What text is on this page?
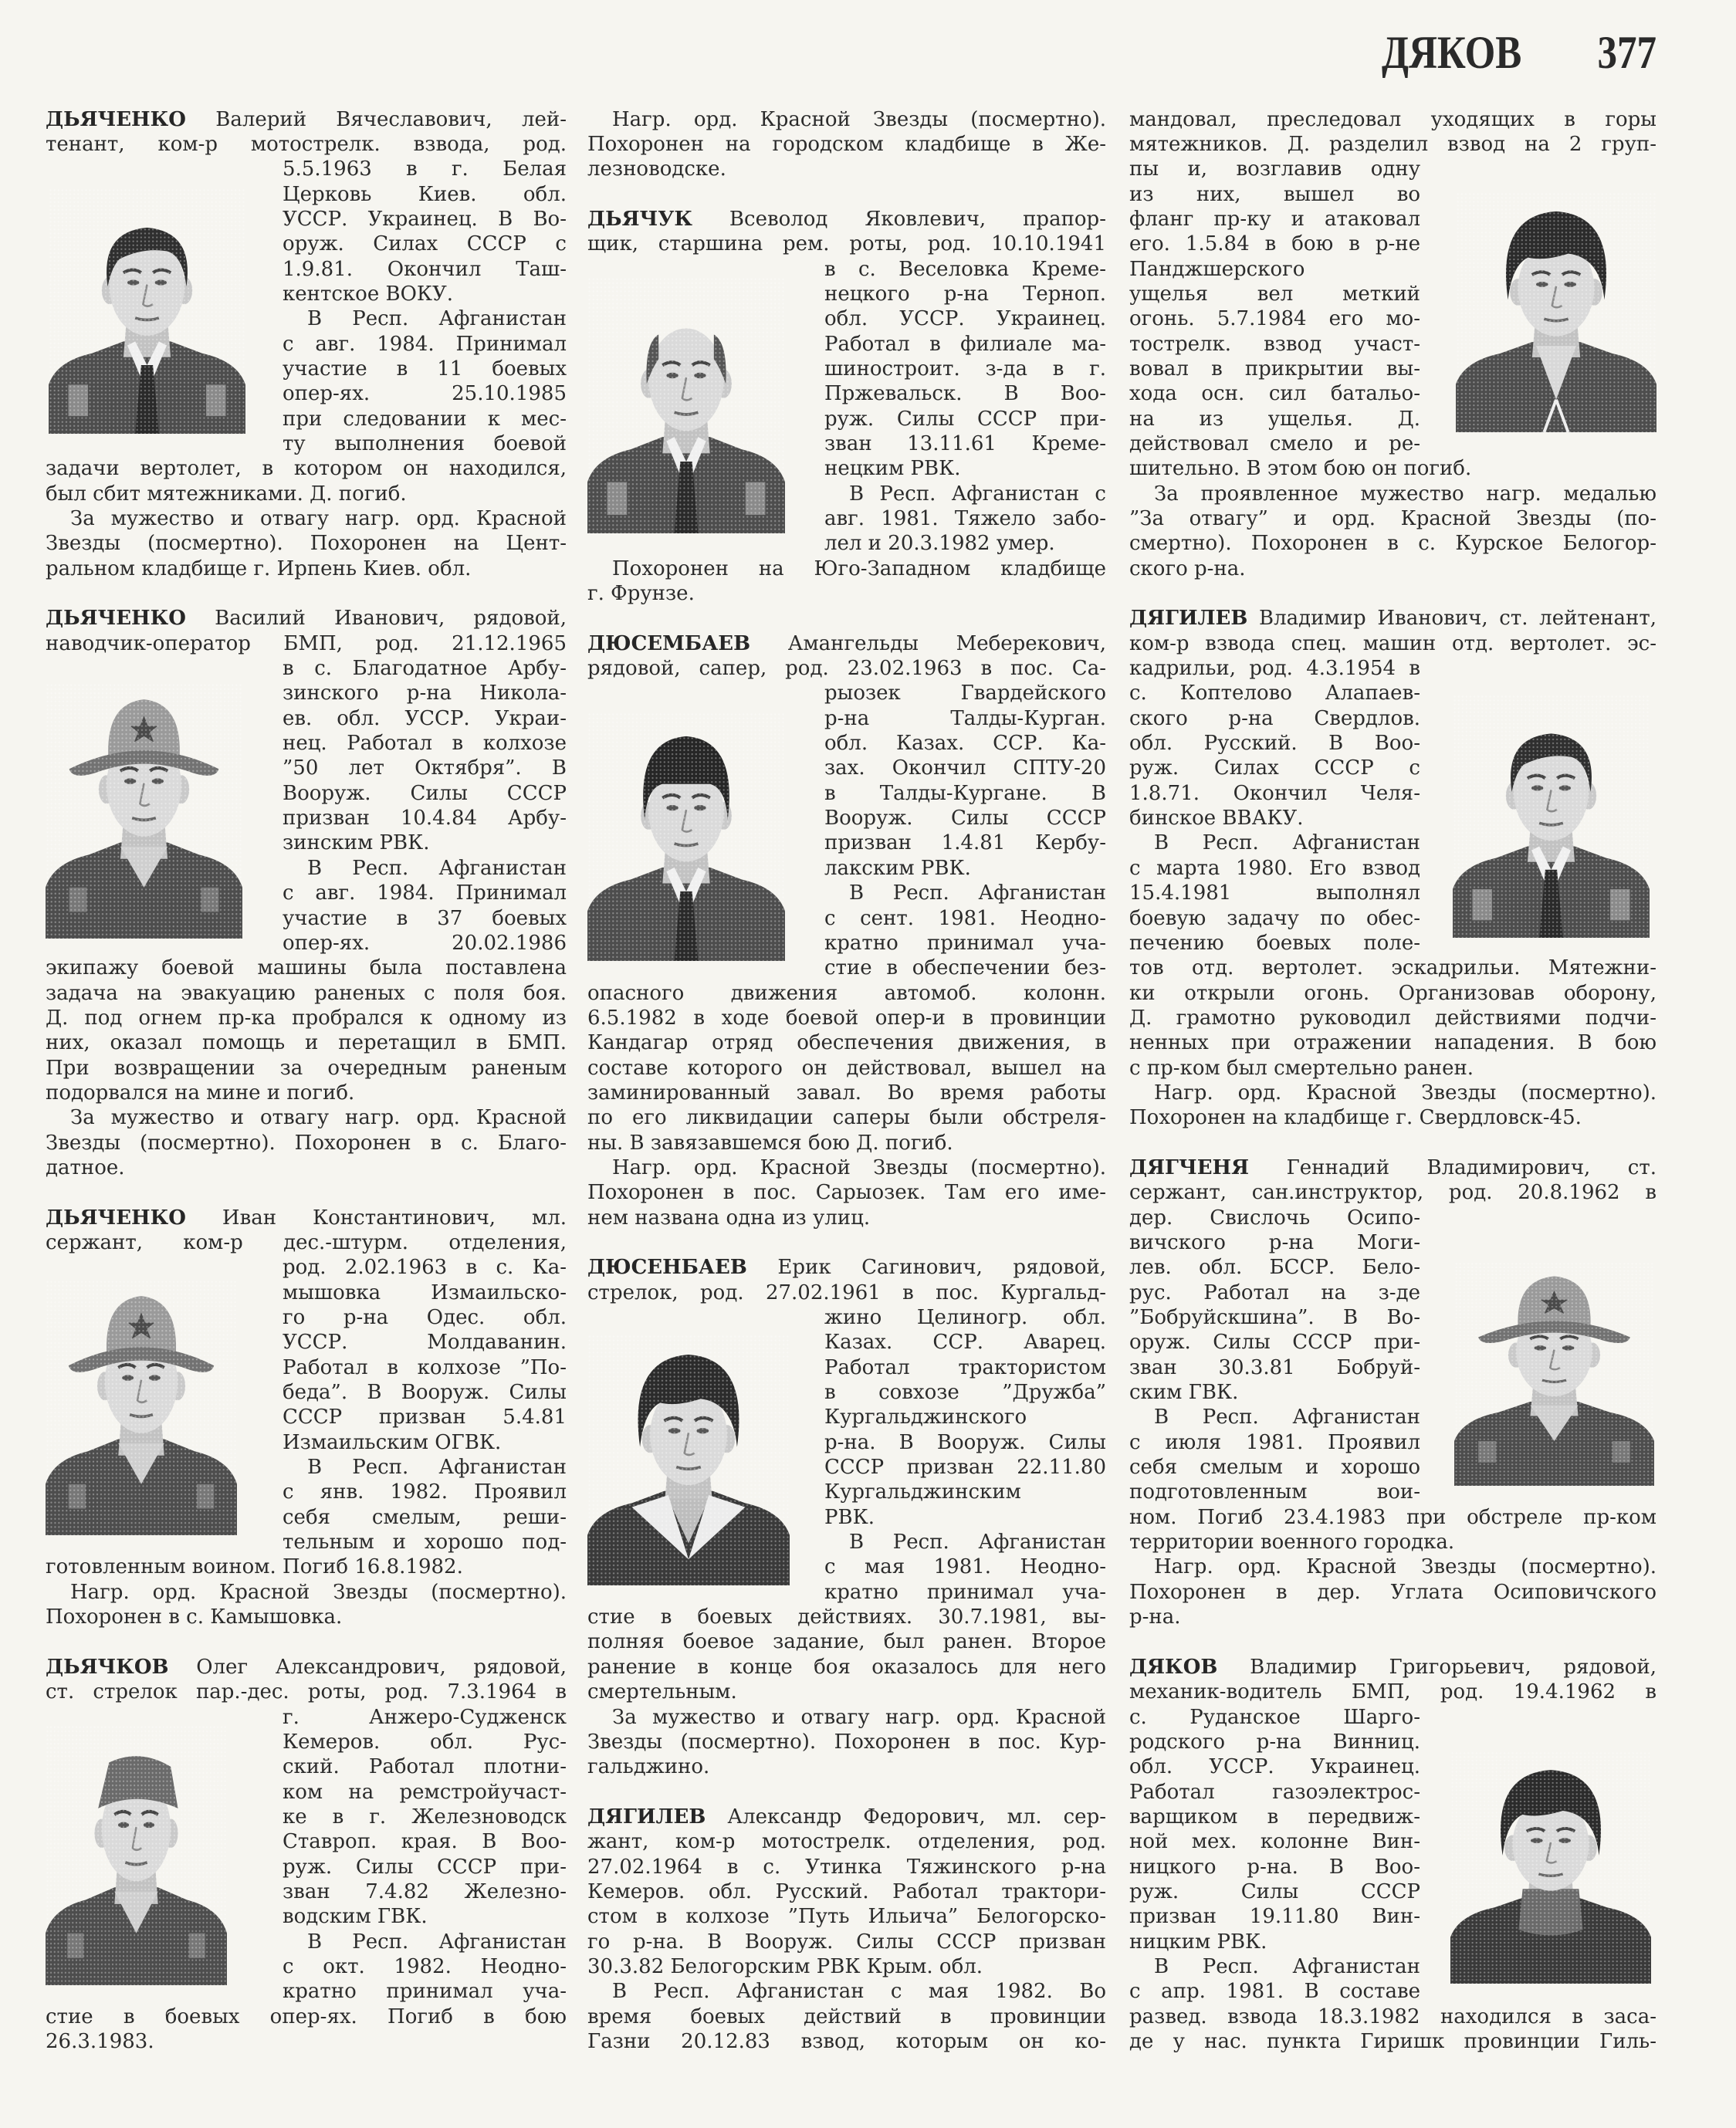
ДЯКОВ 377
ДЬЯЧЕНКО Валерий Вячеславович, лей-
тенант, ком-р мотострелк. взвода, род.
5.5.1963 в г. Белая
Церковь Киев. обл.
УССР. Украинец. В Во-
оруж. Силах СССР с
1.9.81. Окончил Таш-
кентское ВОКУ.
В Респ. Афганистан
с авг. 1984. Принимал
участие в 11 боевых
опер-ях. 25.10.1985
при следовании к мес-
ту выполнения боевой
задачи вертолет, в котором он находился,
был сбит мятежниками. Д. погиб.
За мужество и отвагу нагр. орд. Красной
Звезды (посмертно). Похоронен на Цент-
ральном кладбище г. Ирпень Киев. обл.
ДЬЯЧЕНКО Василий Иванович, рядовой,
наводчик-оператор БМП, род. 21.12.1965
в с. Благодатное Арбу-
зинского р-на Никола-
ев. обл. УССР. Украи-
нец. Работал в колхозе
”50 лет Октября”. В
Вооруж. Силы СССР
призван 10.4.84 Арбу-
зинским РВК.
В Респ. Афганистан
с авг. 1984. Принимал
участие в 37 боевых
опер-ях. 20.02.1986
экипажу боевой машины была поставлена
задача на эвакуацию раненых с поля боя.
Д. под огнем пр-ка пробрался к одному из
них, оказал помощь и перетащил в БМП.
При возвращении за очередным раненым
подорвался на мине и погиб.
За мужество и отвагу нагр. орд. Красной
Звезды (посмертно). Похоронен в с. Благо-
датное.
ДЬЯЧЕНКО Иван Константинович, мл.
сержант, ком-р дес.-штурм. отделения,
род. 2.02.1963 в с. Ка-
мышовка Измаильско-
го р-на Одес. обл.
УССР. Молдаванин.
Работал в колхозе ”По-
беда”. В Вооруж. Силы
СССР призван 5.4.81
Измаильским ОГВК.
В Респ. Афганистан
с янв. 1982. Проявил
себя смелым, реши-
тельным и хорошо под-
готовленным воином. Погиб 16.8.1982.
Нагр. орд. Красной Звезды (посмертно).
Похоронен в с. Камышовка.
ДЬЯЧКОВ Олег Александрович, рядовой,
ст. стрелок пар.-дес. роты, род. 7.3.1964 в
г. Анжеро-Судженск
Кемеров. обл. Рус-
ский. Работал плотни-
ком на ремстройучаст-
ке в г. Железноводск
Ставроп. края. В Воо-
руж. Силы СССР при-
зван 7.4.82 Железно-
водским ГВК.
В Респ. Афганистан
с окт. 1982. Неодно-
кратно принимал уча-
стие в боевых опер-ях. Погиб в бою
26.3.1983.
Нагр. орд. Красной Звезды (посмертно).
Похоронен на городском кладбище в Же-
лезноводске.
ДЬЯЧУК Всеволод Яковлевич, прапор-
щик, старшина рем. роты, род. 10.10.1941
в с. Веселовка Креме-
нецкого р-на Терноп.
обл. УССР. Украинец.
Работал в филиале ма-
шиностроит. з-да в г.
Пржевальск. В Воо-
руж. Силы СССР при-
зван 13.11.61 Креме-
нецким РВК.
В Респ. Афганистан с
авг. 1981. Тяжело забо-
лел и 20.3.1982 умер.
Похоронен на Юго-Западном кладбище
г. Фрунзе.
ДЮСЕМБАЕВ Амангельды Меберекович,
рядовой, сапер, род. 23.02.1963 в пос. Са-
рыозек Гвардейского
р-на Талды-Курган.
обл. Казах. ССР. Ка-
зах. Окончил СПТУ-20
в Талды-Кургане. В
Вооруж. Силы СССР
призван 1.4.81 Кербу-
лакским РВК.
В Респ. Афганистан
с сент. 1981. Неодно-
кратно принимал уча-
стие в обеспечении без-
опасного движения автомоб. колонн.
6.5.1982 в ходе боевой опер-и в провинции
Кандагар отряд обеспечения движения, в
составе которого он действовал, вышел на
заминированный завал. Во время работы
по его ликвидации саперы были обстреля-
ны. В завязавшемся бою Д. погиб.
Нагр. орд. Красной Звезды (посмертно).
Похоронен в пос. Сарыозек. Там его име-
нем названа одна из улиц.
ДЮСЕНБАЕВ Ерик Сагинович, рядовой,
стрелок, род. 27.02.1961 в пос. Кургальд-
жино Целиногр. обл.
Казах. ССР. Аварец.
Работал трактористом
в совхозе ”Дружба”
Кургальджинского
р-на. В Вооруж. Силы
СССР призван 22.11.80
Кургальджинским
РВК.
В Респ. Афганистан
с мая 1981. Неодно-
кратно принимал уча-
стие в боевых действиях. 30.7.1981, вы-
полняя боевое задание, был ранен. Второе
ранение в конце боя оказалось для него
смертельным.
За мужество и отвагу нагр. орд. Красной
Звезды (посмертно). Похоронен в пос. Кур-
гальджино.
ДЯГИЛЕВ Александр Федорович, мл. сер-
жант, ком-р мотострелк. отделения, род.
27.02.1964 в с. Утинка Тяжинского р-на
Кемеров. обл. Русский. Работал трактори-
стом в колхозе ”Путь Ильича” Белогорско-
го р-на. В Вооруж. Силы СССР призван
30.3.82 Белогорским РВК Крым. обл.
В Респ. Афганистан с мая 1982. Во
время боевых действий в провинции
Газни 20.12.83 взвод, которым он ко-
мандовал, преследовал уходящих в горы
мятежников. Д. разделил взвод на 2 груп-
пы и, возглавив одну
из них, вышел во
фланг пр-ку и атаковал
его. 1.5.84 в бою в р-не
Панджшерского
ущелья вел меткий
огонь. 5.7.1984 его мо-
тострелк. взвод участ-
вовал в прикрытии вы-
хода осн. сил батальо-
на из ущелья. Д.
действовал смело и ре-
шительно. В этом бою он погиб.
За проявленное мужество нагр. медалью
”За отвагу” и орд. Красной Звезды (по-
смертно). Похоронен в с. Курское Белогор-
ского р-на.
ДЯГИЛЕВ Владимир Иванович, ст. лейтенант,
ком-р взвода спец. машин отд. вертолет. эс-
кадрильи, род. 4.3.1954 в
с. Коптелово Алапаев-
ского р-на Свердлов.
обл. Русский. В Воо-
руж. Силах СССР с
1.8.71. Окончил Челя-
бинское ВВАКУ.
В Респ. Афганистан
с марта 1980. Его взвод
15.4.1981 выполнял
боевую задачу по обес-
печению боевых поле-
тов отд. вертолет. эскадрильи. Мятежни-
ки открыли огонь. Организовав оборону,
Д. грамотно руководил действиями подчи-
ненных при отражении нападения. В бою
с пр-ком был смертельно ранен.
Нагр. орд. Красной Звезды (посмертно).
Похоронен на кладбище г. Свердловск-45.
ДЯГЧЕНЯ Геннадий Владимирович, ст.
сержант, сан.инструктор, род. 20.8.1962 в
дер. Свислочь Осипо-
вичского р-на Моги-
лев. обл. БССР. Бело-
рус. Работал на з-де
”Бобруйскшина”. В Во-
оруж. Силы СССР при-
зван 30.3.81 Бобруй-
ским ГВК.
В Респ. Афганистан
с июля 1981. Проявил
себя смелым и хорошо
подготовленным вои-
ном. Погиб 23.4.1983 при обстреле пр-ком
территории военного городка.
Нагр. орд. Красной Звезды (посмертно).
Похоронен в дер. Углата Осиповичского
р-на.
ДЯКОВ Владимир Григорьевич, рядовой,
механик-водитель БМП, род. 19.4.1962 в
с. Руданское Шарго-
родского р-на Винниц.
обл. УССР. Украинец.
Работал газоэлектрос-
варщиком в передвиж-
ной мех. колонне Вин-
ницкого р-на. В Воо-
руж. Силы СССР
призван 19.11.80 Вин-
ницким РВК.
В Респ. Афганистан
с апр. 1981. В составе
развед. взвода 18.3.1982 находился в заса-
де у нас. пункта Гиришк провинции Гиль-
